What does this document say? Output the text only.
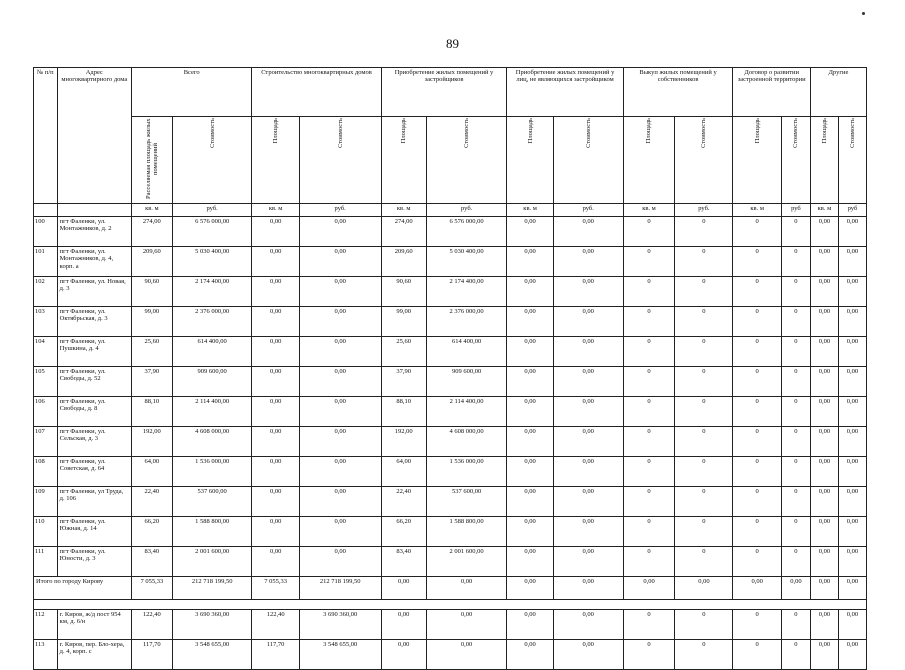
89
№ п/п	Адрес многоквартирного дома	Всего		Строительство многоквартирных домов		Приобретение жилых помещений у застройщиков		Приобретение жилых помещений у лиц, не являющихся застройщиком		Выкуп жилых помещений у собственников		Договор о развитии застроенной территории		Другие	

		Расселяемая площадь жилых помещений	Стоимость	Площадь	Стоимость	Площадь	Стоимость	Площадь	Стоимость	Площадь	Стоимость	Площадь	Стоимость	Площадь	Стоимость

		кв. м	руб.	кв. м	руб.	кв. м	руб.	кв. м	руб.	кв. м	руб.	кв. м	руб	кв. м	руб
100	пгт Фаленки, ул. Монтажников, д. 2	274,00	6 576 000,00	0,00	0,00	274,00	6 576 000,00	0,00	0,00	0	0	0	0	0,00	0,00
101	пгт Фаленки, ул. Монтажников, д. 4, корп. а	209,60	5 030 400,00	0,00	0,00	209,60	5 030 400,00	0,00	0,00	0	0	0	0	0,00	0,00
102	пгт Фаленки, ул. Новая, д. 3	90,60	2 174 400,00	0,00	0,00	90,60	2 174 400,00	0,00	0,00	0	0	0	0	0,00	0,00
103	пгт Фаленки, ул. Октябрьская, д. 3	99,00	2 376 000,00	0,00	0,00	99,00	2 376 000,00	0,00	0,00	0	0	0	0	0,00	0,00
104	пгт Фаленки, ул. Пушкина, д. 4	25,60	614 400,00	0,00	0,00	25,60	614 400,00	0,00	0,00	0	0	0	0	0,00	0,00
105	пгт Фаленки, ул. Свободы, д. 52	37,90	909 600,00	0,00	0,00	37,90	909 600,00	0,00	0,00	0	0	0	0	0,00	0,00
106	пгт Фаленки, ул. Свободы, д. 8	88,10	2 114 400,00	0,00	0,00	88,10	2 114 400,00	0,00	0,00	0	0	0	0	0,00	0,00
107	пгт Фаленки, ул. Сельская, д. 3	192,00	4 608 000,00	0,00	0,00	192,00	4 608 000,00	0,00	0,00	0	0	0	0	0,00	0,00
108	пгт Фаленки, ул. Советская, д. 64	64,00	1 536 000,00	0,00	0,00	64,00	1 536 000,00	0,00	0,00	0	0	0	0	0,00	0,00
109	пгт Фаленки, ул Труда, д. 106	22,40	537 600,00	0,00	0,00	22,40	537 600,00	0,00	0,00	0	0	0	0	0,00	0,00
110	пгт Фаленки, ул. Южная, д. 14	66,20	1 588 800,00	0,00	0,00	66,20	1 588 800,00	0,00	0,00	0	0	0	0	0,00	0,00
111	пгт Фаленки, ул. Юности, д. 3	83,40	2 001 600,00	0,00	0,00	83,40	2 001 600,00	0,00	0,00	0	0	0	0	0,00	0,00
Итого по городу Кирову		7 055,33	212 718 199,50	7 055,33	212 718 199,50	0,00	0,00	0,00	0,00	0,00	0,00	0,00	0,00	0,00	0,00

112	г. Киров, ж/д пост 954 км, д. 6/н	122,40	3 690 360,00	122,40	3 690 360,00	0,00	0,00	0,00	0,00	0	0	0	0	0,00	0,00
113	г. Киров, пер. Бло-хера, д. 4, корп. с	117,70	3 548 655,00	117,70	3 548 655,00	0,00	0,00	0,00	0,00	0	0	0	0	0,00	0,00
